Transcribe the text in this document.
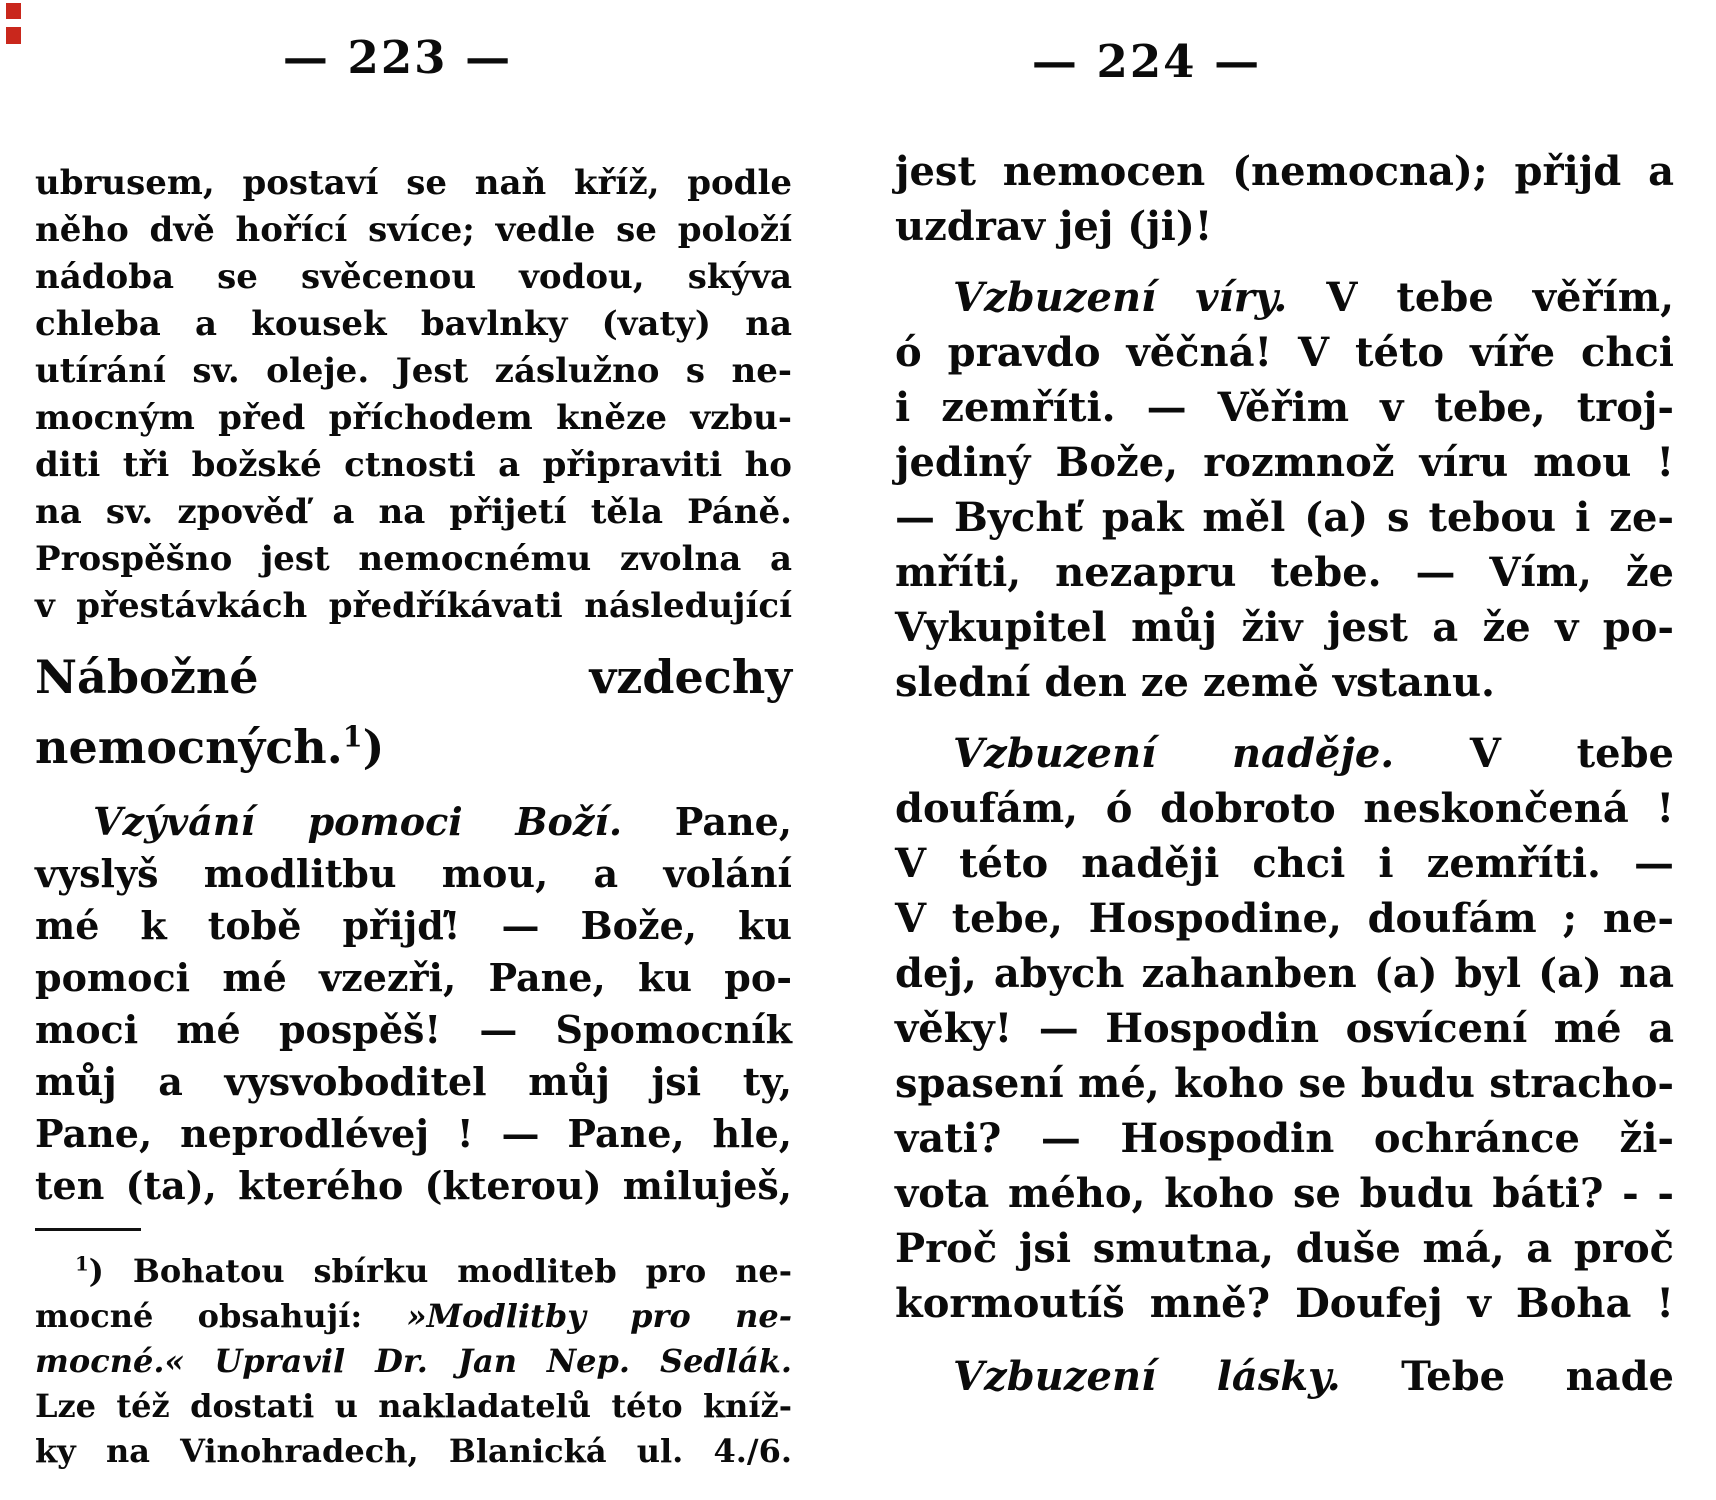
— 223 —
ubrusem, postaví se naň kříž, podle
něho dvě hořící svíce; vedle se položí
nádoba se svěcenou vodou, skýva
chleba a kousek bavlnky (vaty) na
utírání sv. oleje. Jest záslužno s ne-
mocným před příchodem kněze vzbu-
diti tři božské ctnosti a připraviti ho
na sv. zpověď a na přijetí těla Páně.
Prospěšno jest nemocnému zvolna a
v přestávkách předříkávati následující
Nábožné vzdechy nemocných.$^1$)
Vzývání pomoci Boží. Pane,
vyslyš modlitbu mou, a volání
mé k tobě přijď! — Bože, ku
pomoci mé vzezři, Pane, ku po-
moci mé pospěš! — Spomocník
můj a vysvoboditel můj jsi ty,
Pane, neprodlévej ! — Pane, hle,
ten (ta), kterého (kterou) miluješ,
$^1$) Bohatou sbírku modliteb pro ne-
mocné obsahují: »Modlitby pro ne-
mocné.« Upravil Dr. Jan Nep. Sedlák.
Lze též dostati u nakladatelů této kníž-
ky na Vinohradech, Blanická ul. 4./6.
— 224 —
jest nemocen (nemocna); přijd a
uzdrav jej (ji)!
Vzbuzení víry. V tebe věřím,
ó pravdo věčná! V této víře chci
i zemříti. — Věřim v tebe, troj-
jediný Bože, rozmnož víru mou !
— Bychť pak měl (a) s tebou i ze-
mříti, nezapru tebe. — Vím, že
Vykupitel můj živ jest a že v po-
slední den ze země vstanu.
Vzbuzení naděje. V tebe
doufám, ó dobroto neskončená !
V této naději chci i zemříti. —
V tebe, Hospodine, doufám ; ne-
dej, abych zahanben (a) byl (a) na
věky! — Hospodin osvícení mé a
spasení mé, koho se budu stracho-
vati? — Hospodin ochránce ži-
vota mého, koho se budu báti? - -
Proč jsi smutna, duše má, a proč
kormoutíš mně? Doufej v Boha !
Vzbuzení lásky. Tebe nade
